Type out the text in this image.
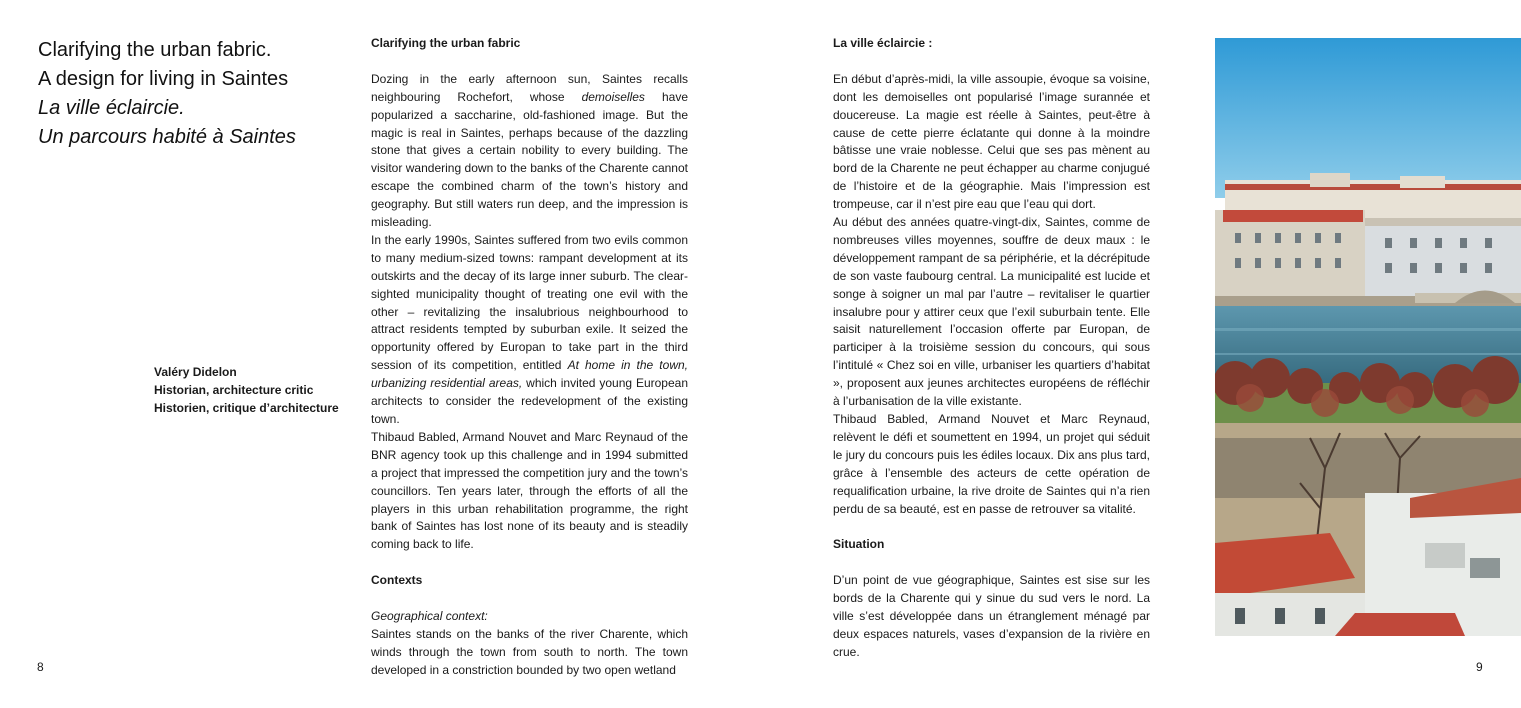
Clarifying the urban fabric.
A design for living in Saintes
La ville éclaircie.
Un parcours habité à Saintes
Valéry Didelon
Historian, architecture critic
Historien, critique d’architecture
Clarifying the urban fabric

Dozing in the early afternoon sun, Saintes recalls neighbouring Rochefort, whose demoiselles have popularized a saccharine, old-fashioned image. But the magic is real in Saintes, perhaps because of the dazzling stone that gives a certain nobility to every building. The visitor wandering down to the banks of the Charente cannot escape the combined charm of the town’s history and geography. But still waters run deep, and the impression is misleading.

In the early 1990s, Saintes suffered from two evils common to many medium-sized towns: rampant development at its outskirts and the decay of its large inner suburb. The clear-sighted municipality thought of treating one evil with the other – revitalizing the insalubrious neighbourhood to attract residents tempted by suburban exile. It seized the opportunity offered by Europan to take part in the third session of its competition, entitled At home in the town, urbanizing residential areas, which invited young European architects to consider the redevelopment of the existing town.

Thibaud Babled, Armand Nouvet and Marc Reynaud of the BNR agency took up this challenge and in 1994 submitted a project that impressed the competition jury and the town’s councillors. Ten years later, through the efforts of all the players in this urban rehabilitation programme, the right bank of Saintes has lost none of its beauty and is steadily coming back to life.

Contexts

Geographical context:

Saintes stands on the banks of the river Charente, which winds through the town from south to north. The town developed in a constriction bounded by two open wetland

8
La ville éclaircie :

En début d’après-midi, la ville assoupie, évoque sa voisine, dont les demoiselles ont popularisé l’image surannée et doucereuse. La magie est réelle à Saintes, peut-être à cause de cette pierre éclatante qui donne à la moindre bâtisse une vraie noblesse. Celui que ses pas mènent au bord de la Charente ne peut échapper au charme conjugué de l’histoire et de la géographie. Mais l’impression est trompeuse, car il n’est pire eau que l’eau qui dort.

Au début des années quatre-vingt-dix, Saintes, comme de nombreuses villes moyennes, souffre de deux maux : le développement rampant de sa périphérie, et la décrépitude de son vaste faubourg central. La municipalité est lucide et songe à soigner un mal par l’autre – revitaliser le quartier insalubre pour y attirer ceux que l’exil suburbain tente. Elle saisit naturellement l’occasion offerte par Europan, de participer à la troisième session du concours, qui sous l’intitulé « Chez soi en ville, urbaniser les quartiers d’habitat », proposent aux jeunes architectes européens de réfléchir à l’urbanisation de la ville existante.

Thibaud Babled, Armand Nouvet et Marc Reynaud, relèvent le défi et soumettent en 1994, un projet qui séduit le jury du concours puis les édiles locaux. Dix ans plus tard, grâce à l’ensemble des acteurs de cette opération de requalification urbaine, la rive droite de Saintes qui n’a rien perdu de sa beauté, est en passe de retrouver sa vitalité.

Situation

D’un point de vue géographique, Saintes est sise sur les bords de la Charente qui y sinue du sud vers le nord. La ville s’est développée dans un étranglement ménagé par deux espaces naturels, vases d’expansion de la rivière en crue.

9
